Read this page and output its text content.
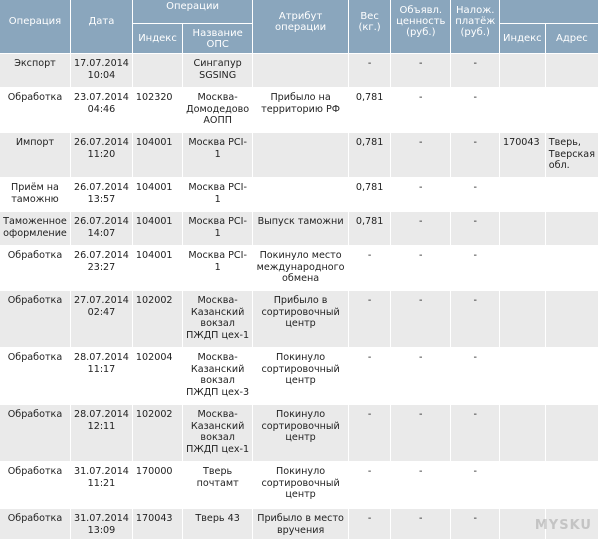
Операция	Дата	Операции		Атрибут операции	Вес (кг.)	Объявл. ценность (руб.)	Налож. платёж (руб.)		
		Индекс	Название ОПС					Индекс	Адрес
Экспорт	17.07.2014 10:04		Сингапур SGSING		-	-	-		
Обработка	23.07.2014 04:46	102320	Москва-Домодедово АОПП	Прибыло на территорию РФ	0,781	-	-		
Импорт	26.07.2014 11:20	104001	Москва PCI-1		0,781	-	-	170043	Тверь, Тверская обл.
Приём на таможню	26.07.2014 13:57	104001	Москва PCI-1		0,781	-	-		
Таможенное оформление	26.07.2014 14:07	104001	Москва PCI-1	Выпуск таможни	0,781	-	-		
Обработка	26.07.2014 23:27	104001	Москва PCI-1	Покинуло место международного обмена	-	-	-		
Обработка	27.07.2014 02:47	102002	Москва-Казанский вокзал ПЖДП цех-1	Прибыло в сортировочный центр	-	-	-		
Обработка	28.07.2014 11:17	102004	Москва-Казанский вокзал ПЖДП цех-3	Покинуло сортировочный центр	-	-	-		
Обработка	28.07.2014 12:11	102002	Москва-Казанский вокзал ПЖДП цех-1	Покинуло сортировочный центр	-	-	-		
Обработка	31.07.2014 11:21	170000	Тверь почтамт	Покинуло сортировочный центр	-	-	-		
Обработка	31.07.2014 13:09	170043	Тверь 43	Прибыло в место вручения	-	-	-		
										MYSKU
